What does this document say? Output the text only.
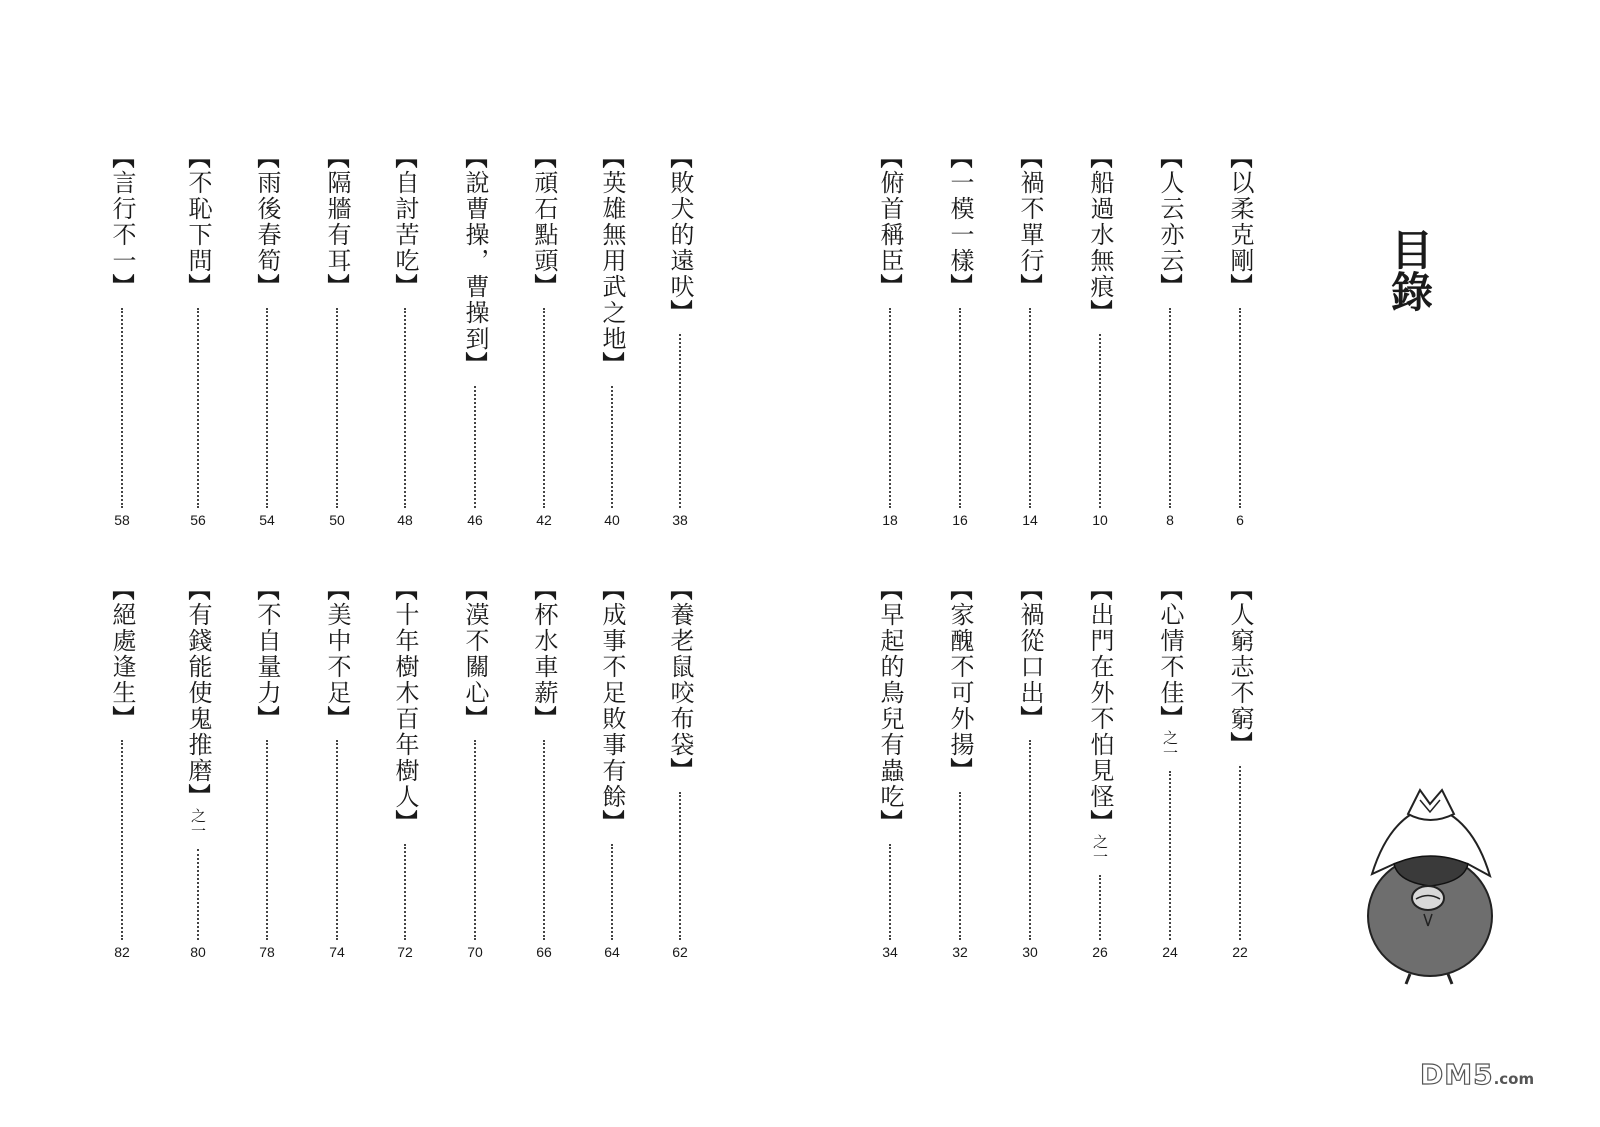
目錄
【以柔克剛】
6
【人云亦云】
8
【船過水無痕】
10
【禍不單行】
14
【一模一樣】
16
【俯首稱臣】
18
【敗犬的遠吠】
38
【英雄無用武之地】
40
【頑石點頭】
42
【說曹操，曹操到】
46
【自討苦吃】
48
【隔牆有耳】
50
【雨後春筍】
54
【不恥下問】
56
【言行不一】
58
【人窮志不窮】
22
【心情不佳】之一
24
【出門在外不怕見怪】之一
26
【禍從口出】
30
【家醜不可外揚】
32
【早起的鳥兒有蟲吃】
34
【養老鼠咬布袋】
62
【成事不足敗事有餘】
64
【杯水車薪】
66
【漠不關心】
70
【十年樹木百年樹人】
72
【美中不足】
74
【不自量力】
78
【有錢能使鬼推磨】之一
80
【絕處逢生】
82
DM5.com
